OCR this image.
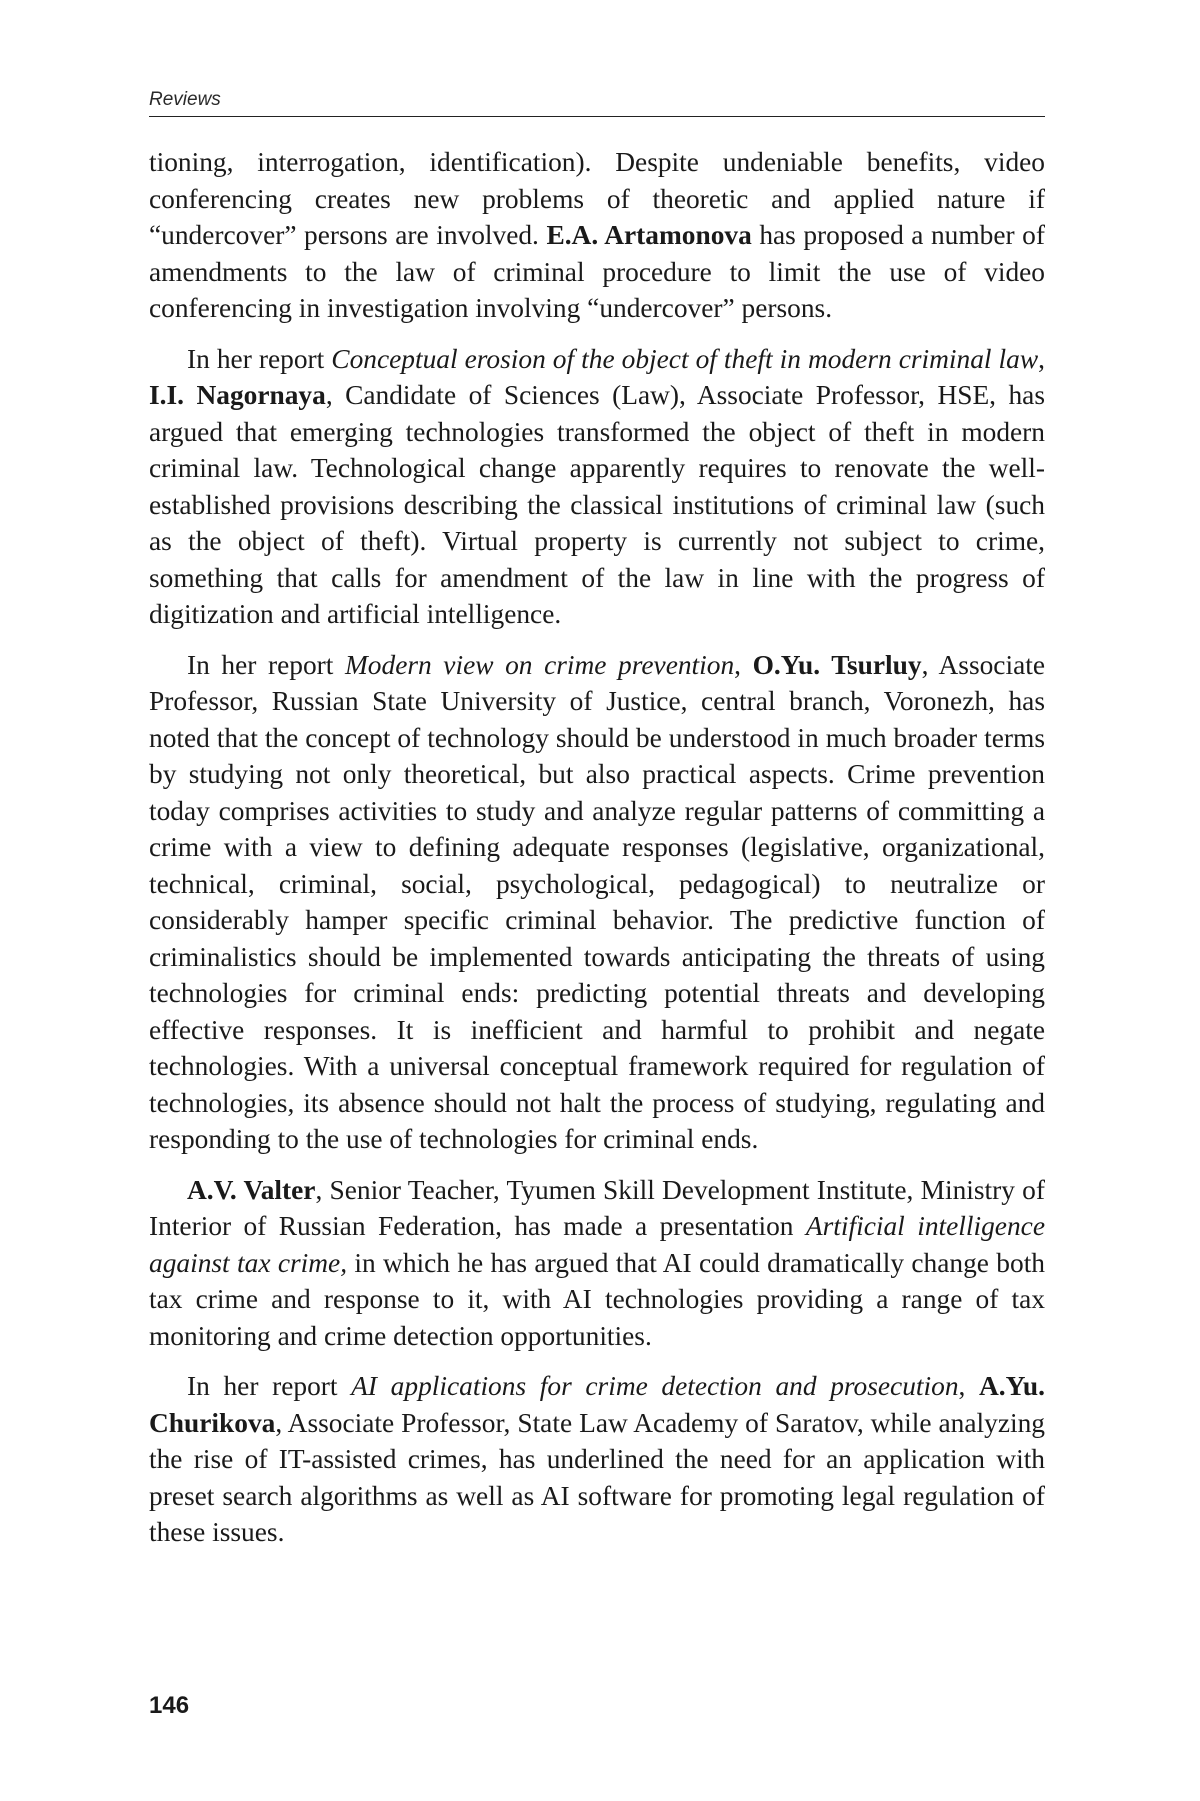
Reviews

tioning, interrogation, identification). Despite undeniable benefits, video conferencing creates new problems of theoretic and applied nature if “undercover” persons are involved. E.A. Artamonova has proposed a number of amendments to the law of criminal procedure to limit the use of video conferencing in investigation involving “undercover” persons.

In her report Conceptual erosion of the object of theft in modern criminal law, I.I. Nagornaya, Candidate of Sciences (Law), Associate Professor, HSE, has argued that emerging technologies transformed the object of theft in modern criminal law. Technological change apparently requires to renovate the well-established provisions describing the classical institutions of criminal law (such as the object of theft). Virtual property is currently not subject to crime, something that calls for amendment of the law in line with the progress of digitization and artificial intelligence.

In her report Modern view on crime prevention, O.Yu. Tsurluy, Associate Professor, Russian State University of Justice, central branch, Voronezh, has noted that the concept of technology should be understood in much broader terms by studying not only theoretical, but also practical aspects. Crime prevention today comprises activities to study and analyze regular patterns of committing a crime with a view to defining adequate responses (legislative, organizational, technical, criminal, social, psychological, pedagogical) to neutralize or considerably hamper specific criminal behavior. The predictive function of criminalistics should be implemented towards anticipating the threats of using technologies for criminal ends: predicting potential threats and developing effective responses. It is inefficient and harmful to prohibit and negate technologies. With a universal conceptual framework required for regulation of technologies, its absence should not halt the process of studying, regulating and responding to the use of technologies for criminal ends.

A.V. Valter, Senior Teacher, Tyumen Skill Development Institute, Ministry of Interior of Russian Federation, has made a presentation Artificial intelligence against tax crime, in which he has argued that AI could dramatically change both tax crime and response to it, with AI technologies providing a range of tax monitoring and crime detection opportunities.

In her report AI applications for crime detection and prosecution, A.Yu. Churikova, Associate Professor, State Law Academy of Saratov, while analyzing the rise of IT-assisted crimes, has underlined the need for an application with preset search algorithms as well as AI software for promoting legal regulation of these issues.

146
